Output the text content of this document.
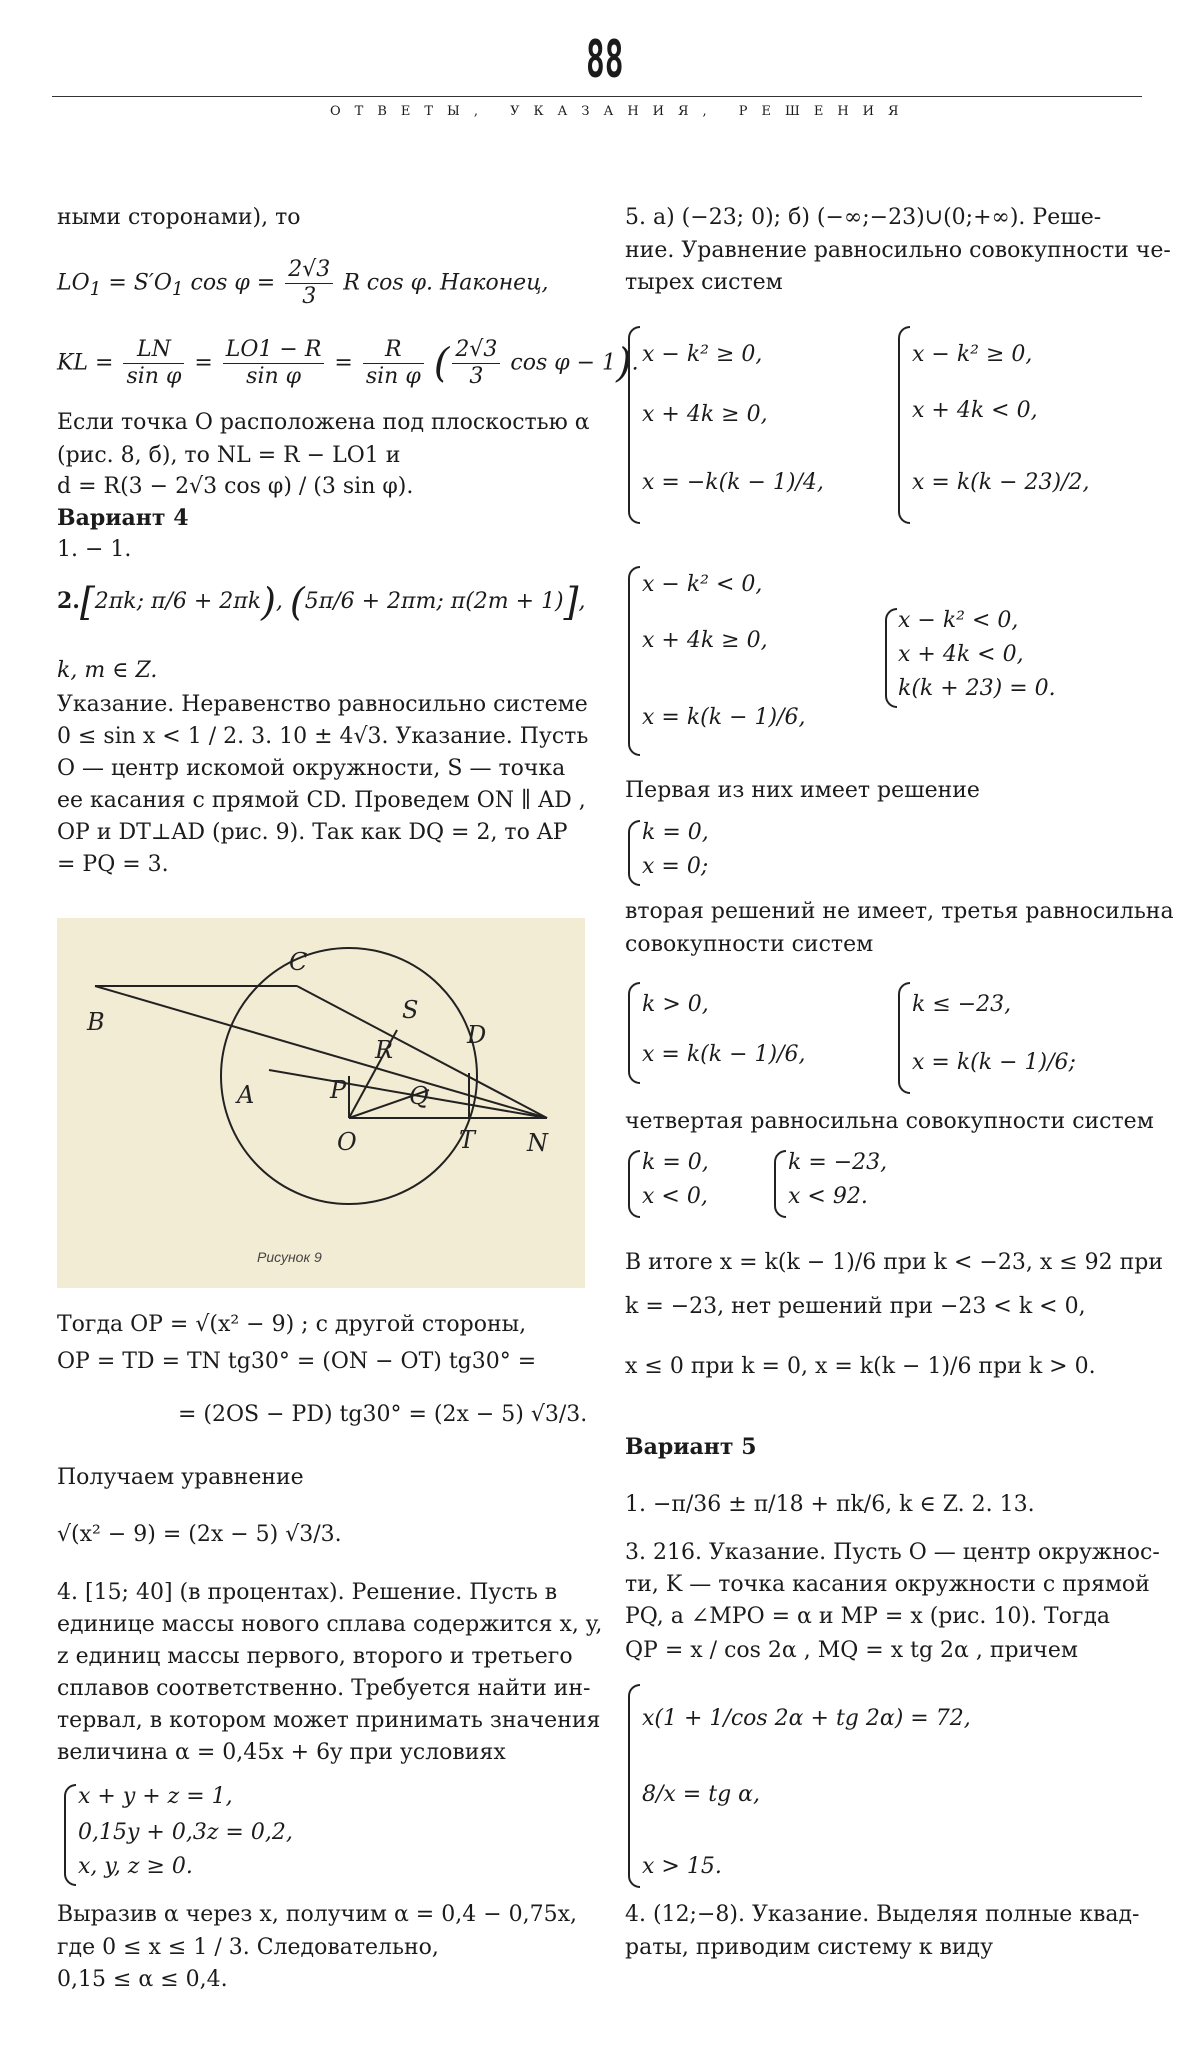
88
ОТВЕТЫ, УКАЗАНИЯ, РЕШЕНИЯ
ными сторонами), то
$LO_1 = S'O_1$ $\cos \varphi = \frac{2√3}{3}$ R cos φ. Наконец,
KL = $\frac{LN}{\text{sin φ}} = \frac{LO1 - R}{\text{sin φ}} = \frac{R}{\text{sin φ}}$ ( $\frac{2√3}{3}$ cos φ − 1).
Если точка O расположена под плоскостью α
(рис. 8, б), то NL = R − LO1 и
d = R(3 − 2√3 cos φ) / (3 sin φ).
Вариант 4
1. − 1.
2.[2πk; π/6 + 2πk), (5π/6 + 2πm; π(2m + 1)],
k, m ∈ Z.
Указание. Неравенство равносильно системе
0 ≤ sin x < 1 / 2. 3. 10 ± 4√3. Указание. Пусть
O — центр искомой окружности, S — точка
ее касания с прямой CD. Проведем ON ∥ AD ,
OP и DT⊥AD (рис. 9). Так как DQ = 2, то AP
= PQ = 3.
B
C
S
R
D
A	P	Q
O	T N
Рисунок 9
Тогда OP = √(x² − 9) ; с другой стороны,
OP = TD = TN tg30° = (ON − OT) tg30° =
= (2OS − PD) tg30° = (2x − 5) √3/3.
Получаем уравнение
√(x² − 9) = (2x − 5) √3/3.
4. [15; 40] (в процентах). Решение. Пусть в
единице массы нового сплава содержится x, y,
z единиц массы первого, второго и третьего
сплавов соответственно. Требуется найти ин-
тервал, в котором может принимать значения
величина α = 0,45x + 6y при условиях
x + y + z = 1,
0,15y + 0,3z = 0,2,
x, y, z ≥ 0.
Выразив α через x, получим α = 0,4 − 0,75x,
где 0 ≤ x ≤ 1 / 3. Следовательно,
0,15 ≤ α ≤ 0,4.
5. а) (−23; 0); б) (−∞;−23)∪(0;+∞). Реше-
ние. Уравнение равносильно совокупности че-
тырех систем
x − k² ≥ 0,
x + 4k ≥ 0,
x = −k(k − 1)/4,
x − k² ≥ 0,
x + 4k < 0,
x = k(k − 23)/2,
x − k² < 0,
x + 4k ≥ 0,
x = k(k − 1)/6,
x − k² < 0,
x + 4k < 0,
k(k + 23) = 0.
Первая из них имеет решение
k = 0,
x = 0;
вторая решений не имеет, третья равносильна
совокупности систем
k > 0,
x = k(k − 1)/6,
k ≤ −23,
x = k(k − 1)/6;
четвертая равносильна совокупности систем
k = 0,
x < 0,
k = −23,
x < 92.
В итоге x = k(k − 1)/6 при k < −23, x ≤ 92 при
k = −23, нет решений при −23 < k < 0,
x ≤ 0 при k = 0, x = k(k − 1)/6 при k > 0.
Вариант 5
1. −π/36 ± π/18 + πk/6, k ∈ Z. 2. 13.
3. 216. Указание. Пусть O — центр окружнос-
ти, K — точка касания окружности с прямой
PQ, а ∠MPO = α и MP = x (рис. 10). Тогда
QP = x / cos 2α , MQ = x tg 2α , причем
x(1 + 1/cos 2α + tg 2α) = 72,
8/x = tg α,
x > 15.
4. (12;−8). Указание. Выделяя полные квад-
раты, приводим систему к виду
